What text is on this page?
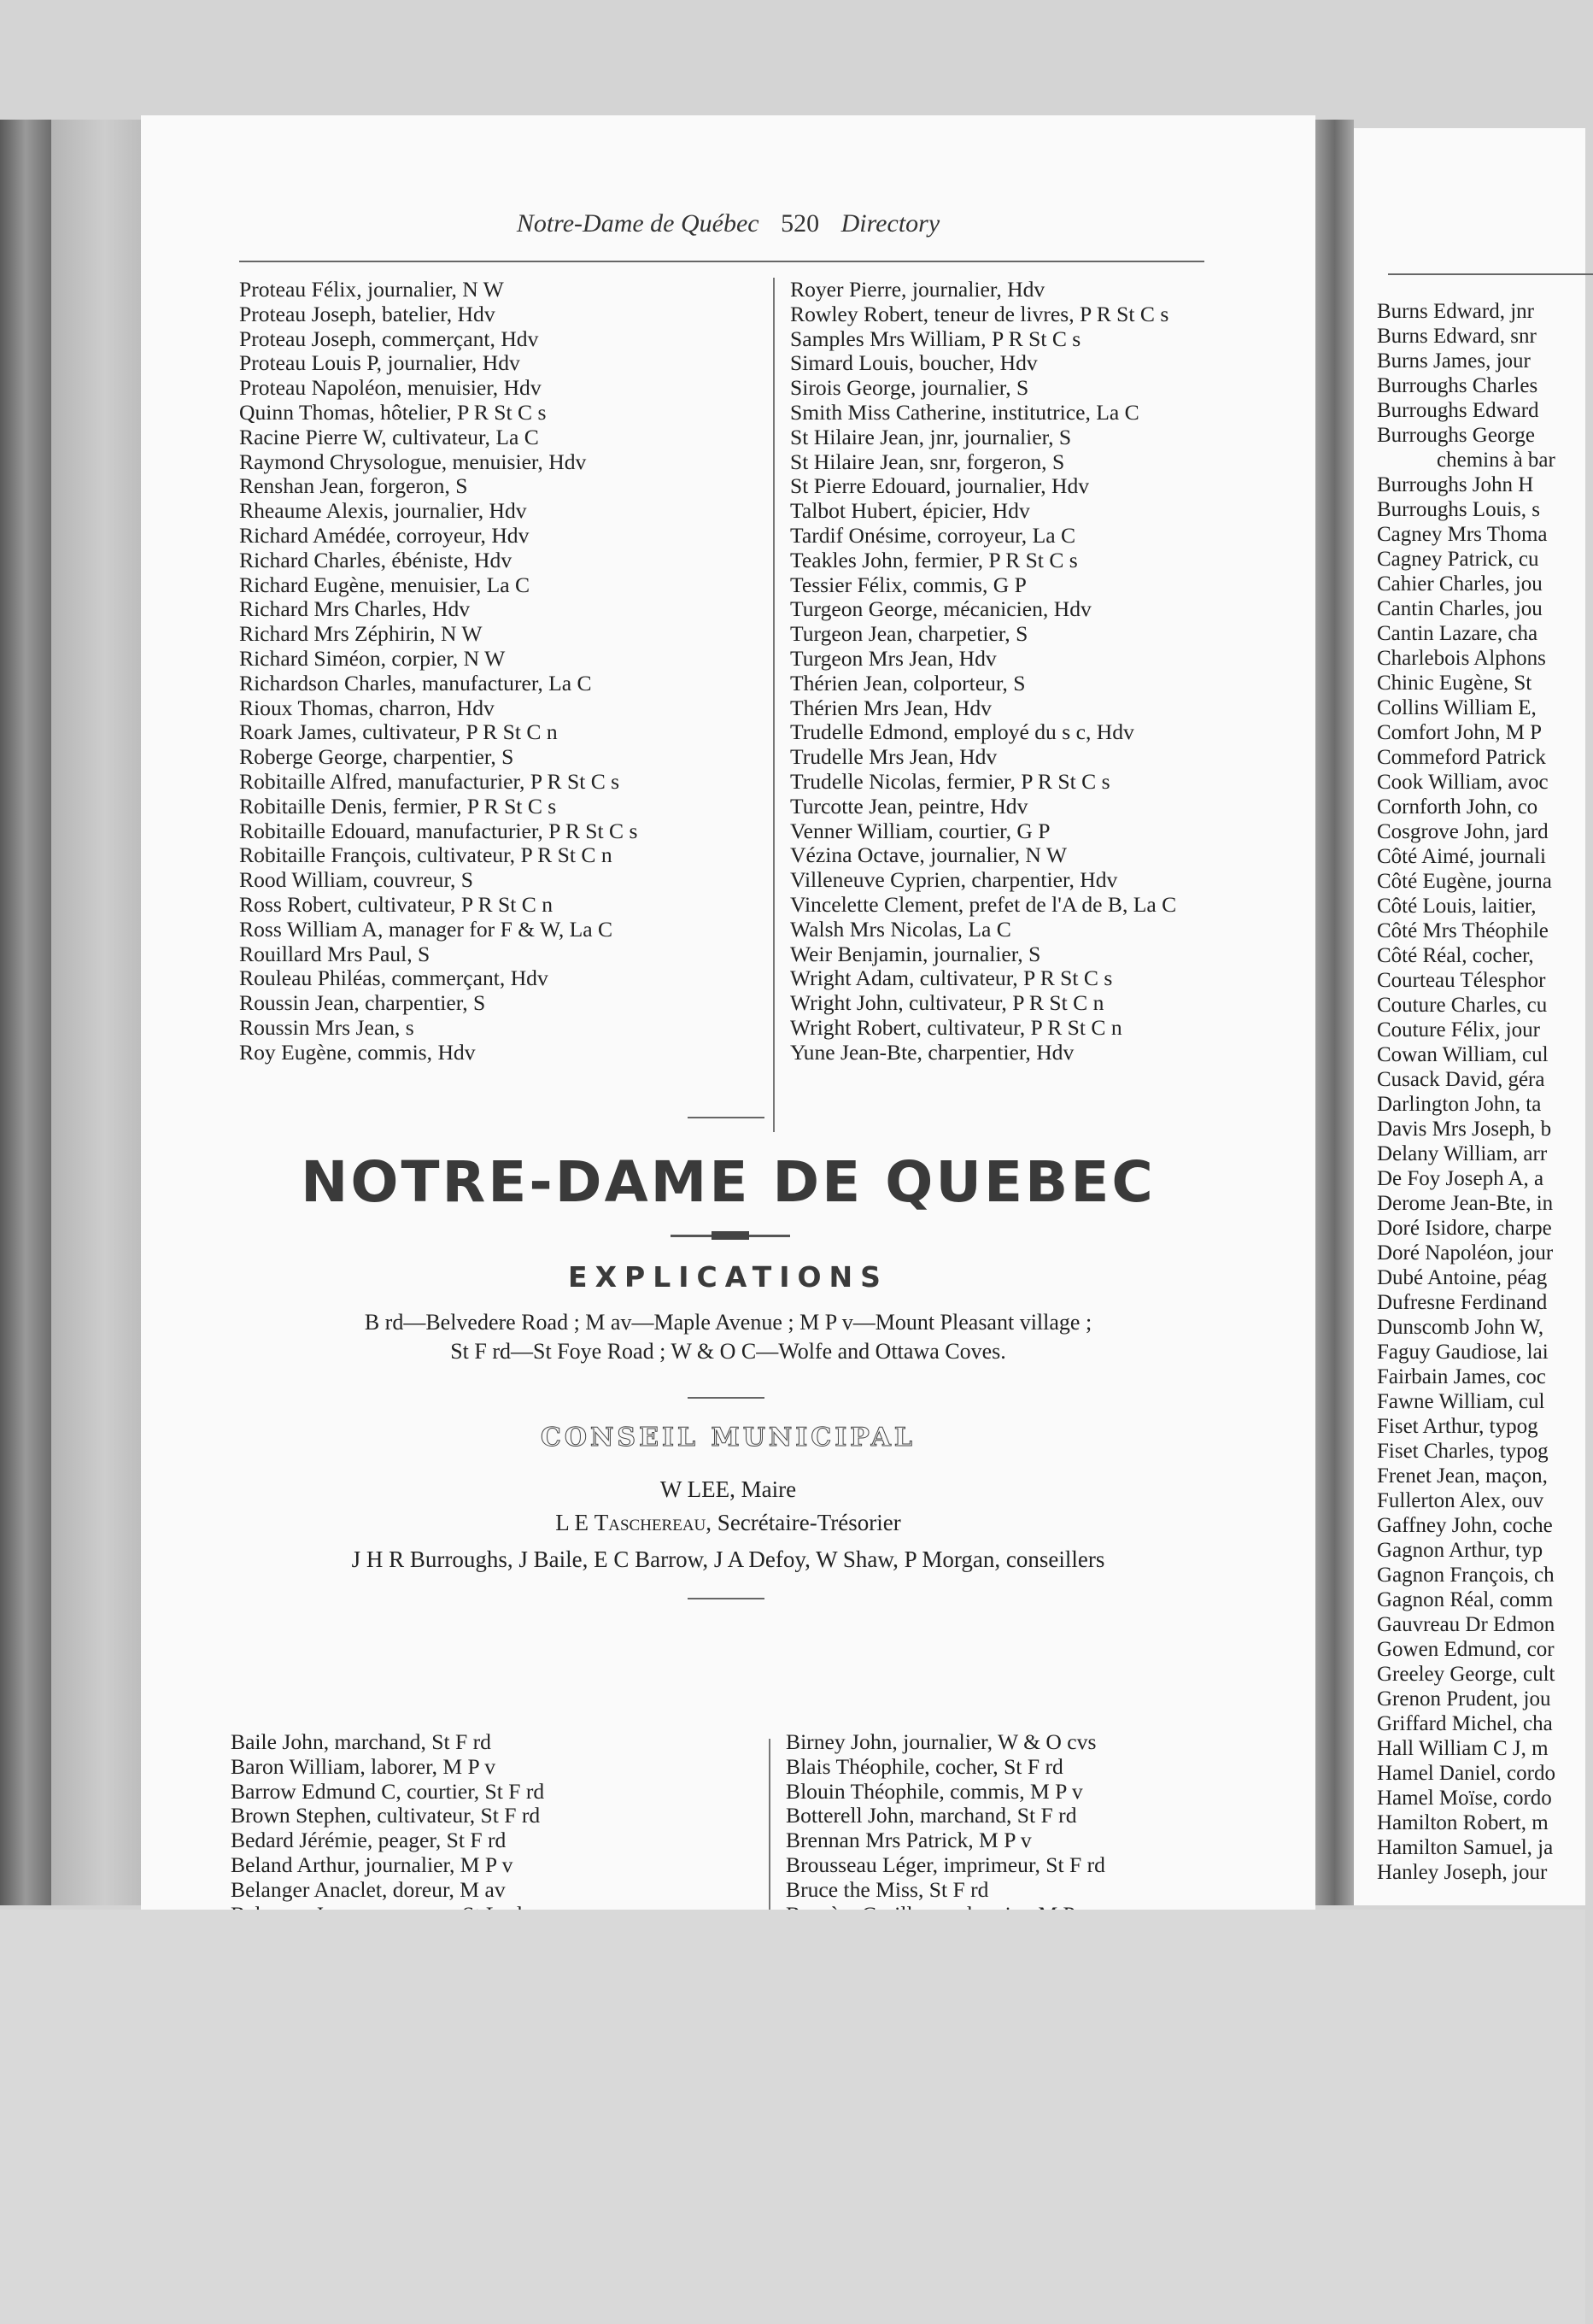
Notre-Dame de Québec 520 Directory
Proteau Félix, journalier, N W
Proteau Joseph, batelier, Hdv
Proteau Joseph, commerçant, Hdv
Proteau Louis P, journalier, Hdv
Proteau Napoléon, menuisier, Hdv
Quinn Thomas, hôtelier, P R St C s
Racine Pierre W, cultivateur, La C
Raymond Chrysologue, menuisier, Hdv
Renshan Jean, forgeron, S
Rheaume Alexis, journalier, Hdv
Richard Amédée, corroyeur, Hdv
Richard Charles, ébéniste, Hdv
Richard Eugène, menuisier, La C
Richard Mrs Charles, Hdv
Richard Mrs Zéphirin, N W
Richard Siméon, corpier, N W
Richardson Charles, manufacturer, La C
Rioux Thomas, charron, Hdv
Roark James, cultivateur, P R St C n
Roberge George, charpentier, S
Robitaille Alfred, manufacturier, P R St C s
Robitaille Denis, fermier, P R St C s
Robitaille Edouard, manufacturier, P R St C s
Robitaille François, cultivateur, P R St C n
Rood William, couvreur, S
Ross Robert, cultivateur, P R St C n
Ross William A, manager for F & W, La C
Rouillard Mrs Paul, S
Rouleau Philéas, commerçant, Hdv
Roussin Jean, charpentier, S
Roussin Mrs Jean, s
Roy Eugène, commis, Hdv
Royer Pierre, journalier, Hdv
Rowley Robert, teneur de livres, P R St C s
Samples Mrs William, P R St C s
Simard Louis, boucher, Hdv
Sirois George, journalier, S
Smith Miss Catherine, institutrice, La C
St Hilaire Jean, jnr, journalier, S
St Hilaire Jean, snr, forgeron, S
St Pierre Edouard, journalier, Hdv
Talbot Hubert, épicier, Hdv
Tardif Onésime, corroyeur, La C
Teakles John, fermier, P R St C s
Tessier Félix, commis, G P
Turgeon George, mécanicien, Hdv
Turgeon Jean, charpetier, S
Turgeon Mrs Jean, Hdv
Thérien Jean, colporteur, S
Thérien Mrs Jean, Hdv
Trudelle Edmond, employé du s c, Hdv
Trudelle Mrs Jean, Hdv
Trudelle Nicolas, fermier, P R St C s
Turcotte Jean, peintre, Hdv
Venner William, courtier, G P
Vézina Octave, journalier, N W
Villeneuve Cyprien, charpentier, Hdv
Vincelette Clement, prefet de l'A de B, La C
Walsh Mrs Nicolas, La C
Weir Benjamin, journalier, S
Wright Adam, cultivateur, P R St C s
Wright John, cultivateur, P R St C n
Wright Robert, cultivateur, P R St C n
Yune Jean-Bte, charpentier, Hdv
NOTRE-DAME DE QUEBEC
EXPLICATIONS
B rd—Belvedere Road ; M av—Maple Avenue ; M P v—Mount Pleasant village ;
St F rd—St Foye Road ; W & O C—Wolfe and Ottawa Coves.
CONSEIL MUNICIPAL
W LEE, Maire
L E Taschereau, Secrétaire-Trésorier
J H R Burroughs, J Baile, E C Barrow, J A Defoy, W Shaw, P Morgan, conseillers
Baile John, marchand, St F rd
Baron William, laborer, M P v
Barrow Edmund C, courtier, St F rd
Brown Stephen, cultivateur, St F rd
Bedard Jérémie, peager, St F rd
Beland Arthur, journalier, M P v
Belanger Anaclet, doreur, M av
Birney John, journalier, W & O cvs
Blais Théophile, cocher, St F rd
Blouin Théophile, commis, M P v
Botterell John, marchand, St F rd
Brennan Mrs Patrick, M P v
Brousseau Léger, imprimeur, St F rd
Bruce the Miss, St F rd
Burns Edward, jnr
Burns Edward, snr
Burns James, jour
Burroughs Charles
Burroughs Edward
Burroughs George
chemins à bar
Burroughs John H
Burroughs Louis, s
Cagney Mrs Thoma
Cagney Patrick, cu
Cahier Charles, jou
Cantin Charles, jou
Cantin Lazare, cha
Charlebois Alphons
Chinic Eugène, St
Collins William E,
Comfort John, M P
Commeford Patrick
Cook William, avoc
Cornforth John, co
Cosgrove John, jard
Côté Aimé, journali
Côté Eugène, journa
Côté Louis, laitier,
Côté Mrs Théophile
Côté Réal, cocher,
Courteau Télesphor
Couture Charles, cu
Couture Félix, jour
Cowan William, cul
Cusack David, géra
Darlington John, ta
Davis Mrs Joseph, b
Delany William, arr
De Foy Joseph A, a
Derome Jean-Bte, in
Doré Isidore, charpe
Doré Napoléon, jour
Dubé Antoine, péag
Dufresne Ferdinand
Dunscomb John W,
Faguy Gaudiose, lai
Fairbain James, coc
Fawne William, cul
Fiset Arthur, typog
Fiset Charles, typog
Frenet Jean, maçon,
Fullerton Alex, ouv
Gaffney John, coche
Gagnon Arthur, typ
Gagnon François, ch
Gagnon Réal, comm
Gauvreau Dr Edmon
Gowen Edmund, cor
Greeley George, cult
Grenon Prudent, jou
Griffard Michel, cha
Hall William C J, m
Hamel Daniel, cordo
Hamel Moïse, cordo
Hamilton Robert, m
Hamilton Samuel, ja
Hanley Joseph, jour
